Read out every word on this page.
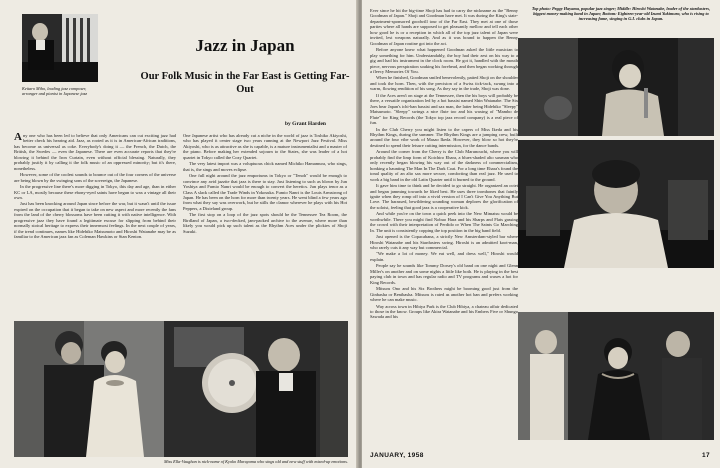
Keitaro Miho, leading jazz composer, arranger and pianist in Japanese jazz
Jazz in Japan
Our Folk Music in the Far East is Getting Far-Out
by Grant Harden

Any one who has been led to believe that only Americans can cut exciting jazz had better check his hearing aid. Jazz, as rooted as it is in American-African traditions, has become as universal as coke. Everybody's doing it — the French, the Dutch, the British, the Swedes — even the Japanese. There are even accurate reports that they're blowing it behind the Iron Curtain, even without official blessing. Naturally, they probably justify it by calling it the folk music of an oppressed minority; but it's there, nonetheless.

However, some of the coolest sounds to bounce out of the four corners of the universe are being blown by the swinging sons of the sovereign, the Japanese.

In the progressive line there's more digging in Tokyo, this day and age, than in either KC or LA, mostly because these ebony-eyed saints have begun to wax a vintage all their own.

Just has been knocking around Japan since before the war, but it wasn't until the issue expired on the occupation that it began to take on new aspect and more recently the fans from the land of the cherry blossoms have been cutting it with native intelligence. With progressive jazz they have found a legitimate excuse for slipping from behind their normally stoical heritage to express their innermost feelings. In the next couple of years, if the trend continues, names like Hidehiko Matsumoto and Hiroshi Watanabe may be as familiar to the American jazz fan as Coleman Hawkins or Stan Kenton.

One Japanese artist who has already cut a niche in the world of jazz is Toshiko Akiyoshi, who has played it center stage two years running at the Newport Jazz Festival. Miss Akiyoshi, who is as attractive as she is capable, is a mature instrumentalist and a master of the piano. Before making her extended sojourn to the States, she was leader of a hot quartet in Tokyo called the Cozy Quartet.

The very latest import was a voluptuous chick named Michiko Hamamura, who sings, that is, the sings and moves eclipse.

One full night around the jazz emporiums in Tokyo or "Tenoh" would be enough to convince any avid jazzite that jazz is there to stay. Just listening to such as blown by Jun Yoshiya and Fumio Nanri would be enough to convert the heretics. Jun plays tenor as a Class A slack called the Trade Winds in Yokosuka. Fumio Nanri is the Louis Armstrong of Japan. He has been on the horn for more than twenty years. He went blind a few years ago from what they say was overwork, but he stills the clamor wherever he plays with his Hot Peppers, a Dixieland group.

The first stop on a loop of the jazz spots should be the Tennessee Tea Room, the Birdland of Japan, a two-decked, jam-packed archive to the avenue, where more than likely you would pick up such talent as the Rhythm Aces under the plickies of Shoji Suzuki.

Miss Ella-Vaughan is nick-name of Kyoko Maruyama who sings old and new stuff with mixed-up emotions.

Ever since he hit the big-time Shoji has had to carry the nickname as the "Benny Goodman of Japan." Shoji and Goodman have met. It was during the King's state-department-sponsored goodwill tour of the Far East. They met at one of those parties where all hands are supposed to get pleasantly mellow and tell each other how good he is or a reception in which all of the top jazz talent of Japan were invited, lest weapons naturally. And as it was bound to happen the Benny Goodman of Japan routine got into the act.

Before anyone knew what happened Goodman asked the little musician to play something for him. Understandably, the boy had their zest on his way to a gig and had his instrument in the clock room. He got it, handled with the mouth piece, nervous perspiration soaking his forehead, and then began working through a fleecy Memories Of You.

When he finished, Goodman smiled benevolently, patted Shoji on the shoulder and took the horn. Then, with the precision of a Swiss tick-tack, swung into a warm, flowing rendition of his song. As they say in the trade, Shoji was done.

If the Aces aren't on stage at the Tennessee, then the his boys will probably be there, a versatile organization led by a hot bassist named Shin Watanabe. The Six Joes bear Japan's ichi-ban bassist and sax man, the latter being Hidehiko "Sleepy" Matsumoto. "Sleepy" swings a nice flute too and his waxing of "Mambo de Flute" for King Records (the Tokyo top jazz record company) is a real piece of fun.

In the Club Cherry you might listen to the capers of Miss Ikeda and his Rhythm Kings, during the summer. The Rhythm Kings are a jumping crew, built around the four vibe work of Masao Ikeda. However, they blow so hot they're destined to spend their leisure cutting intermission, for the dance bands.

Around the corner from the Cherry is the Club Marunouchi, where you will probably find the limp form of Koichiro Ehara, a blues-shaded alto saxman who only recently began blowing his way out of the darkness of commercialism, honking a haunting The Man In The Dark Coat. For a long time Ehara's found the tonal quality of an alto sax more secure, comforting than real jazz. He used to work a big band in the old Latin Quarter until it burned to the ground.

It gave him time to think and he decided to go straight. He organized an octet and began jamming towards he liked best. He uses three trombones that faintly ignite when they romp off into a vivid version of I Can't Give You Anything But Love. The harassed, bewildering sounding woman deplores the glorification of the soloist, feeling that good jazz is a cooperative kick.

And while you're on the town a quick peek into the New Mimatsu would be worthwhile. There you might find Nobuo Hara and his Sharps and Flats gassing the crowd with their interpretation of Perdido or When The Saints Go Marching In. The unit is consistently copping the top position in the big band field.

Just opened is the Copacabana, a strictly New Amsterdam-styled bar where Hiroshi Watanabe and his Stardusters swing. Hiroshi is an admitted koot-man, who rarely cuts it any way but commercial.

"We make a lot of money. We eat well, and dress well," Hiroshi would explain.

People say he sounds like Tommy Dorsey's old band on one night and Glenn Miller's on another and on some nights a little like both. He is playing in the best paying club in town and has regular radio and TV programs and waxes a hot for King Records.

Mitsuru Ono and his Six Brothers might be booming good just from the Ginbasha or Benibasha. Mitsuru is rated as another hot ban and prefers working where he can make music.

Way across town in Hibiya Park is the Club Hibiya, a chateau affair dedicated to those in the know. Groups like Akira Watanabe and his Embers Five or Shungo Sawada and his

Top photo: Peggy Hayama, popular jazz singer; Middle: Hiroshi Watanabe, leader of the stardusters, biggest money-making band in Japan; Bottom: Eighteen-year-old Izumi Yukimura, who is rising to increasing fame, singing in G.I. clubs in Japan.
JANUARY, 1958	17
